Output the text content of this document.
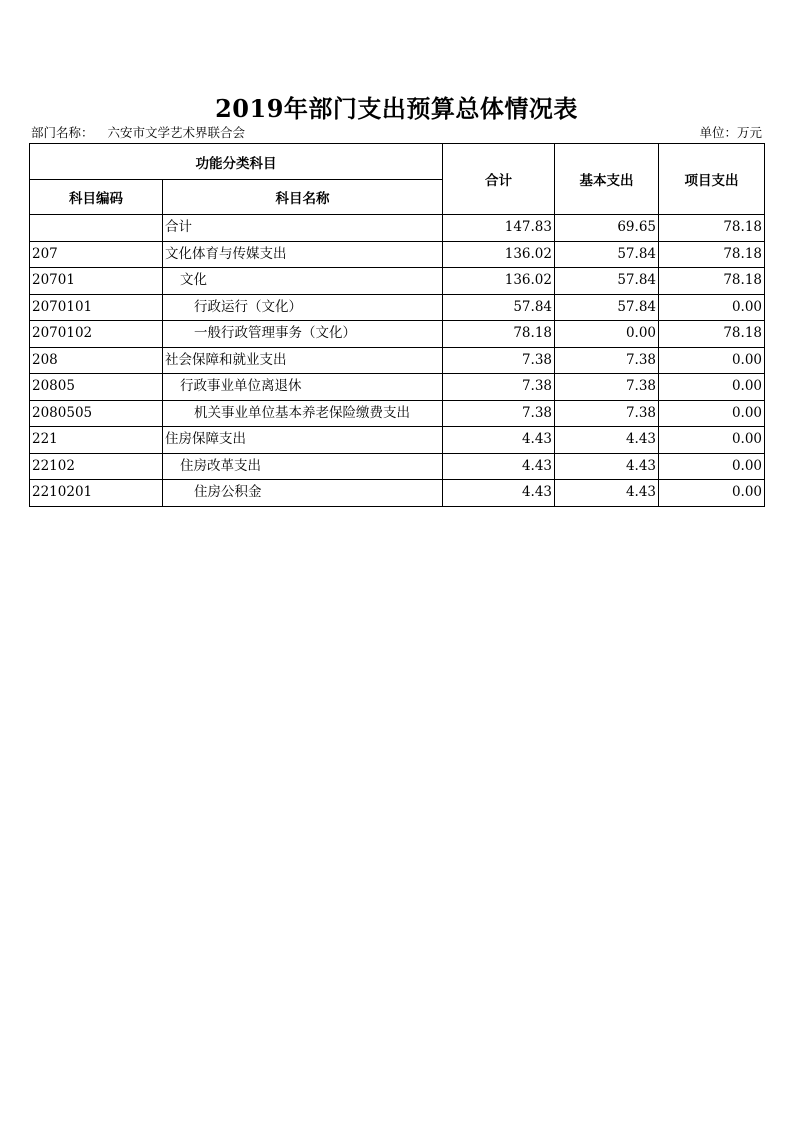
2019年部门支出预算总体情况表
部门名称： 六安市文学艺术界联合会	单位：万元
功能分类科目		合计	基本支出	项目支出
科目编码	科目名称			
	合计	147.83	69.65	78.18
207	文化体育与传媒支出	136.02	57.84	78.18
20701	文化	136.02	57.84	78.18
2070101	行政运行（文化）	57.84	57.84	0.00
2070102	一般行政管理事务（文化）	78.18	0.00	78.18
208	社会保障和就业支出	7.38	7.38	0.00
20805	行政事业单位离退休	7.38	7.38	0.00
2080505	机关事业单位基本养老保险缴费支出	7.38	7.38	0.00
221	住房保障支出	4.43	4.43	0.00
22102	住房改革支出	4.43	4.43	0.00
2210201	住房公积金	4.43	4.43	0.00
